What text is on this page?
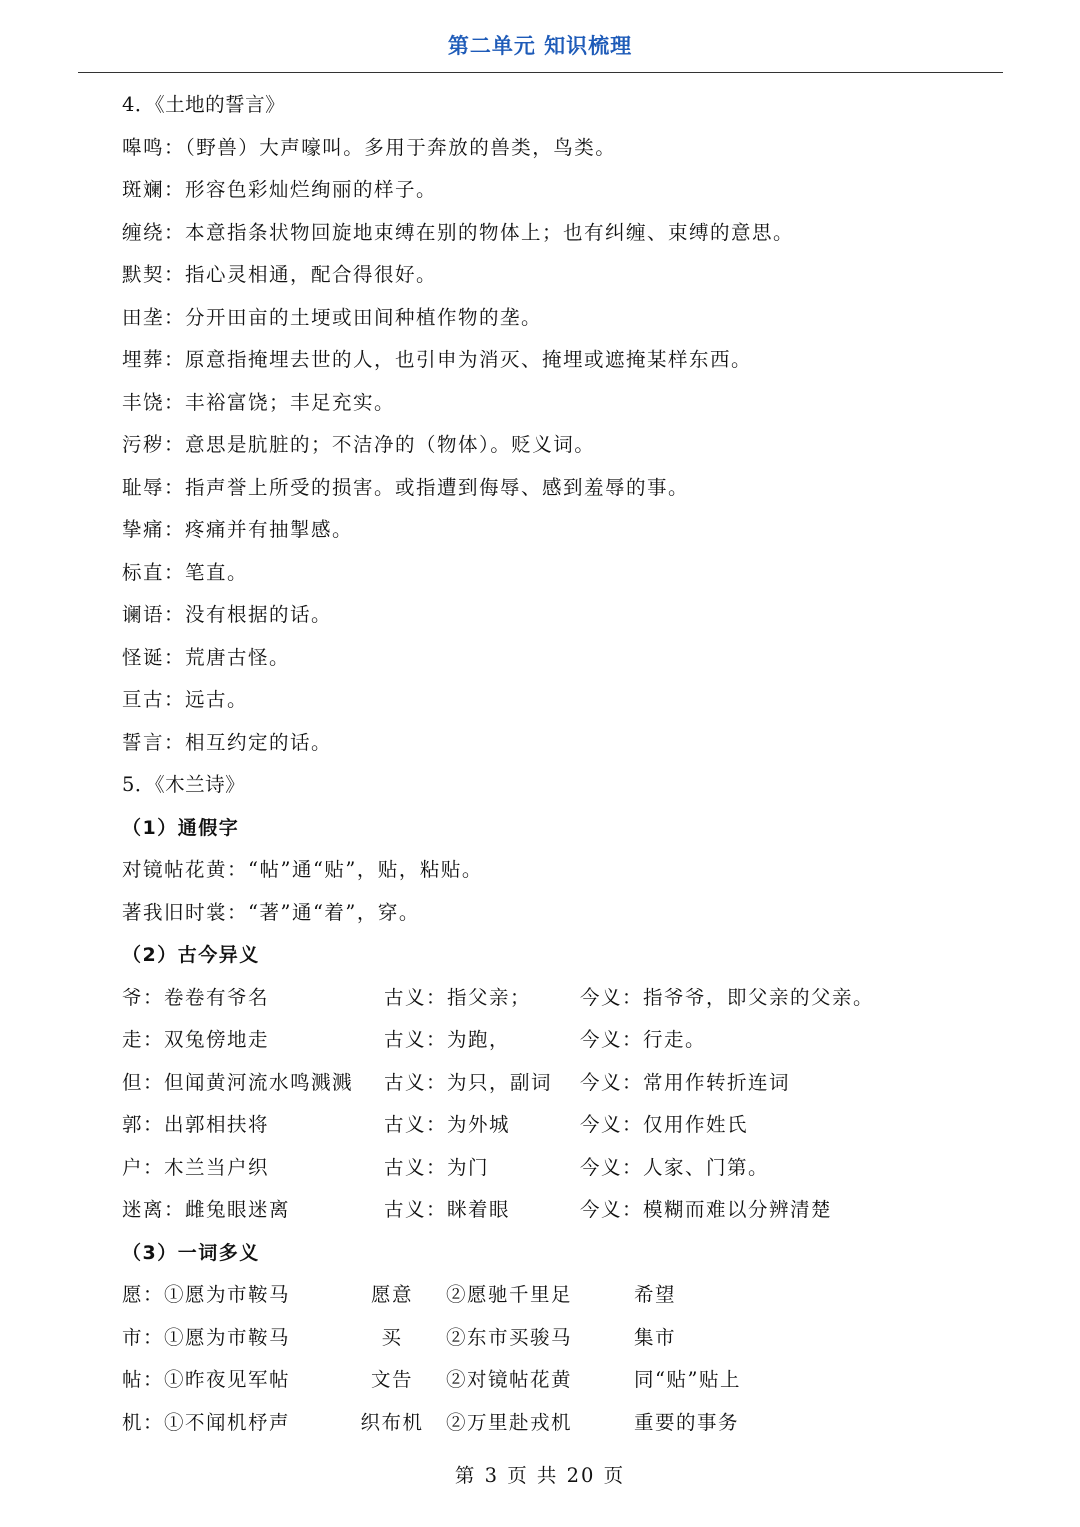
第二单元 知识梳理
4．《土地的誓言》
嗥鸣：（野兽）大声嚎叫。多用于奔放的兽类，鸟类。
斑斓：形容色彩灿烂绚丽的样子。
缠绕：本意指条状物回旋地束缚在别的物体上；也有纠缠、束缚的意思。
默契：指心灵相通，配合得很好。
田垄：分开田亩的土埂或田间种植作物的垄。
埋葬：原意指掩埋去世的人，也引申为消灭、掩埋或遮掩某样东西。
丰饶：丰裕富饶；丰足充实。
污秽：意思是肮脏的；不洁净的（物体）。贬义词。
耻辱：指声誉上所受的损害。或指遭到侮辱、感到羞辱的事。
挚痛：疼痛并有抽掣感。
标直：笔直。
谰语：没有根据的话。
怪诞：荒唐古怪。
亘古：远古。
誓言：相互约定的话。
5．《木兰诗》
（1）通假字
对镜帖花黄：“帖”通“贴”，贴，粘贴。
著我旧时裳：“著”通“着”，穿。
（2）古今异义
爷：卷卷有爷名	古义：指父亲；	今义：指爷爷，即父亲的父亲。
走：双兔傍地走	古义：为跑，	今义：行走。
但：但闻黄河流水鸣溅溅 古义：为只，副词 今义：常用作转折连词
郭：出郭相扶将	古义：为外城	今义：仅用作姓氏
户：木兰当户织	古义：为门	今义：人家、门第。
迷离：雌兔眼迷离	古义：眯着眼	今义：模糊而难以分辨清楚
（3）一词多义
愿：①愿为市鞍马	愿意	②愿驰千里足	希望
市：①愿为市鞍马	买	②东市买骏马	集市
帖：①昨夜见军帖	文告	②对镜帖花黄	同“贴”贴上
机：①不闻机杼声	织布机	②万里赴戎机	重要的事务
第 3 页 共 20 页
